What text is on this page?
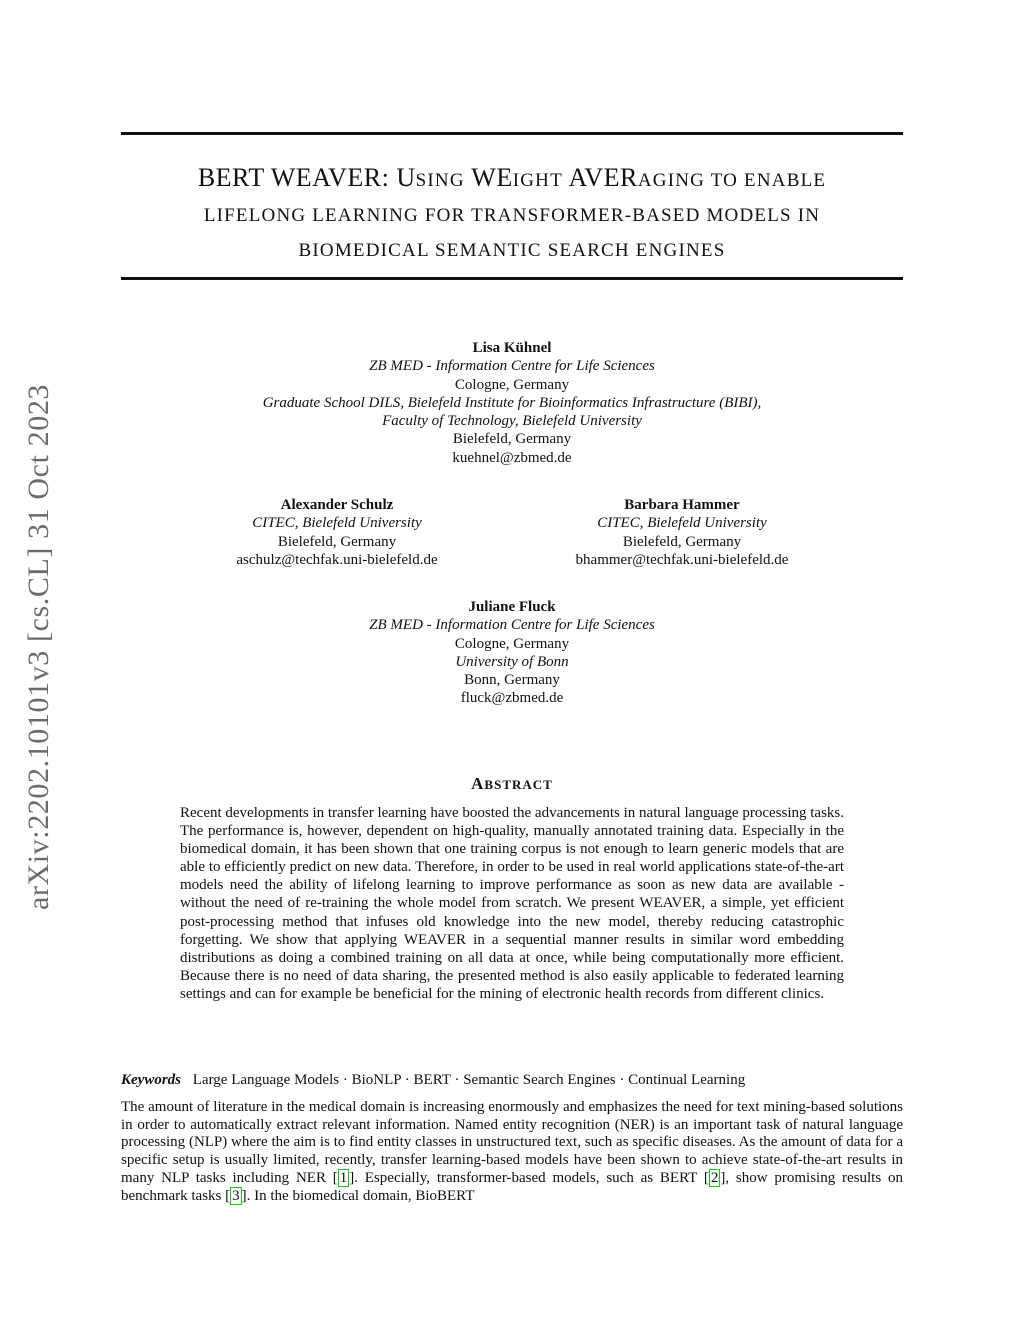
BERT WEAVER: USING WEIGHT AVERAGING TO ENABLE
LIFELONG LEARNING FOR TRANSFORMER-BASED MODELS IN
BIOMEDICAL SEMANTIC SEARCH ENGINES
arXiv:2202.10101v3 [cs.CL] 31 Oct 2023
Lisa Kühnel
ZB MED - Information Centre for Life Sciences
Cologne, Germany
Graduate School DILS, Bielefeld Institute for Bioinformatics Infrastructure (BIBI),
Faculty of Technology, Bielefeld University
Bielefeld, Germany
kuehnel@zbmed.de
Alexander Schulz
CITEC, Bielefeld University
Bielefeld, Germany
aschulz@techfak.uni-bielefeld.de
Barbara Hammer
CITEC, Bielefeld University
Bielefeld, Germany
bhammer@techfak.uni-bielefeld.de
Juliane Fluck
ZB MED - Information Centre for Life Sciences
Cologne, Germany
University of Bonn
Bonn, Germany
fluck@zbmed.de
ABSTRACT

Recent developments in transfer learning have boosted the advancements in natural language processing tasks. The performance is, however, dependent on high-quality, manually annotated training data. Especially in the biomedical domain, it has been shown that one training corpus is not enough to learn generic models that are able to efficiently predict on new data. Therefore, in order to be used in real world applications state-of-the-art models need the ability of lifelong learning to improve performance as soon as new data are available - without the need of re-training the whole model from scratch. We present WEAVER, a simple, yet efficient post-processing method that infuses old knowledge into the new model, thereby reducing catastrophic forgetting. We show that applying WEAVER in a sequential manner results in similar word embedding distributions as doing a combined training on all data at once, while being computationally more efficient. Because there is no need of data sharing, the presented method is also easily applicable to federated learning settings and can for example be beneficial for the mining of electronic health records from different clinics.

Keywords Large Language Models · BioNLP · BERT · Semantic Search Engines · Continual Learning

The amount of literature in the medical domain is increasing enormously and emphasizes the need for text mining-based solutions in order to automatically extract relevant information. Named entity recognition (NER) is an important task of natural language processing (NLP) where the aim is to find entity classes in unstructured text, such as specific diseases. As the amount of data for a specific setup is usually limited, recently, transfer learning-based models have been shown to achieve state-of-the-art results in many NLP tasks including NER [ 1 ]. Especially, transformer-based models, such as BERT [ 2 ], show promising results on benchmark tasks [ 3 ]. In the biomedical domain, BioBERT
